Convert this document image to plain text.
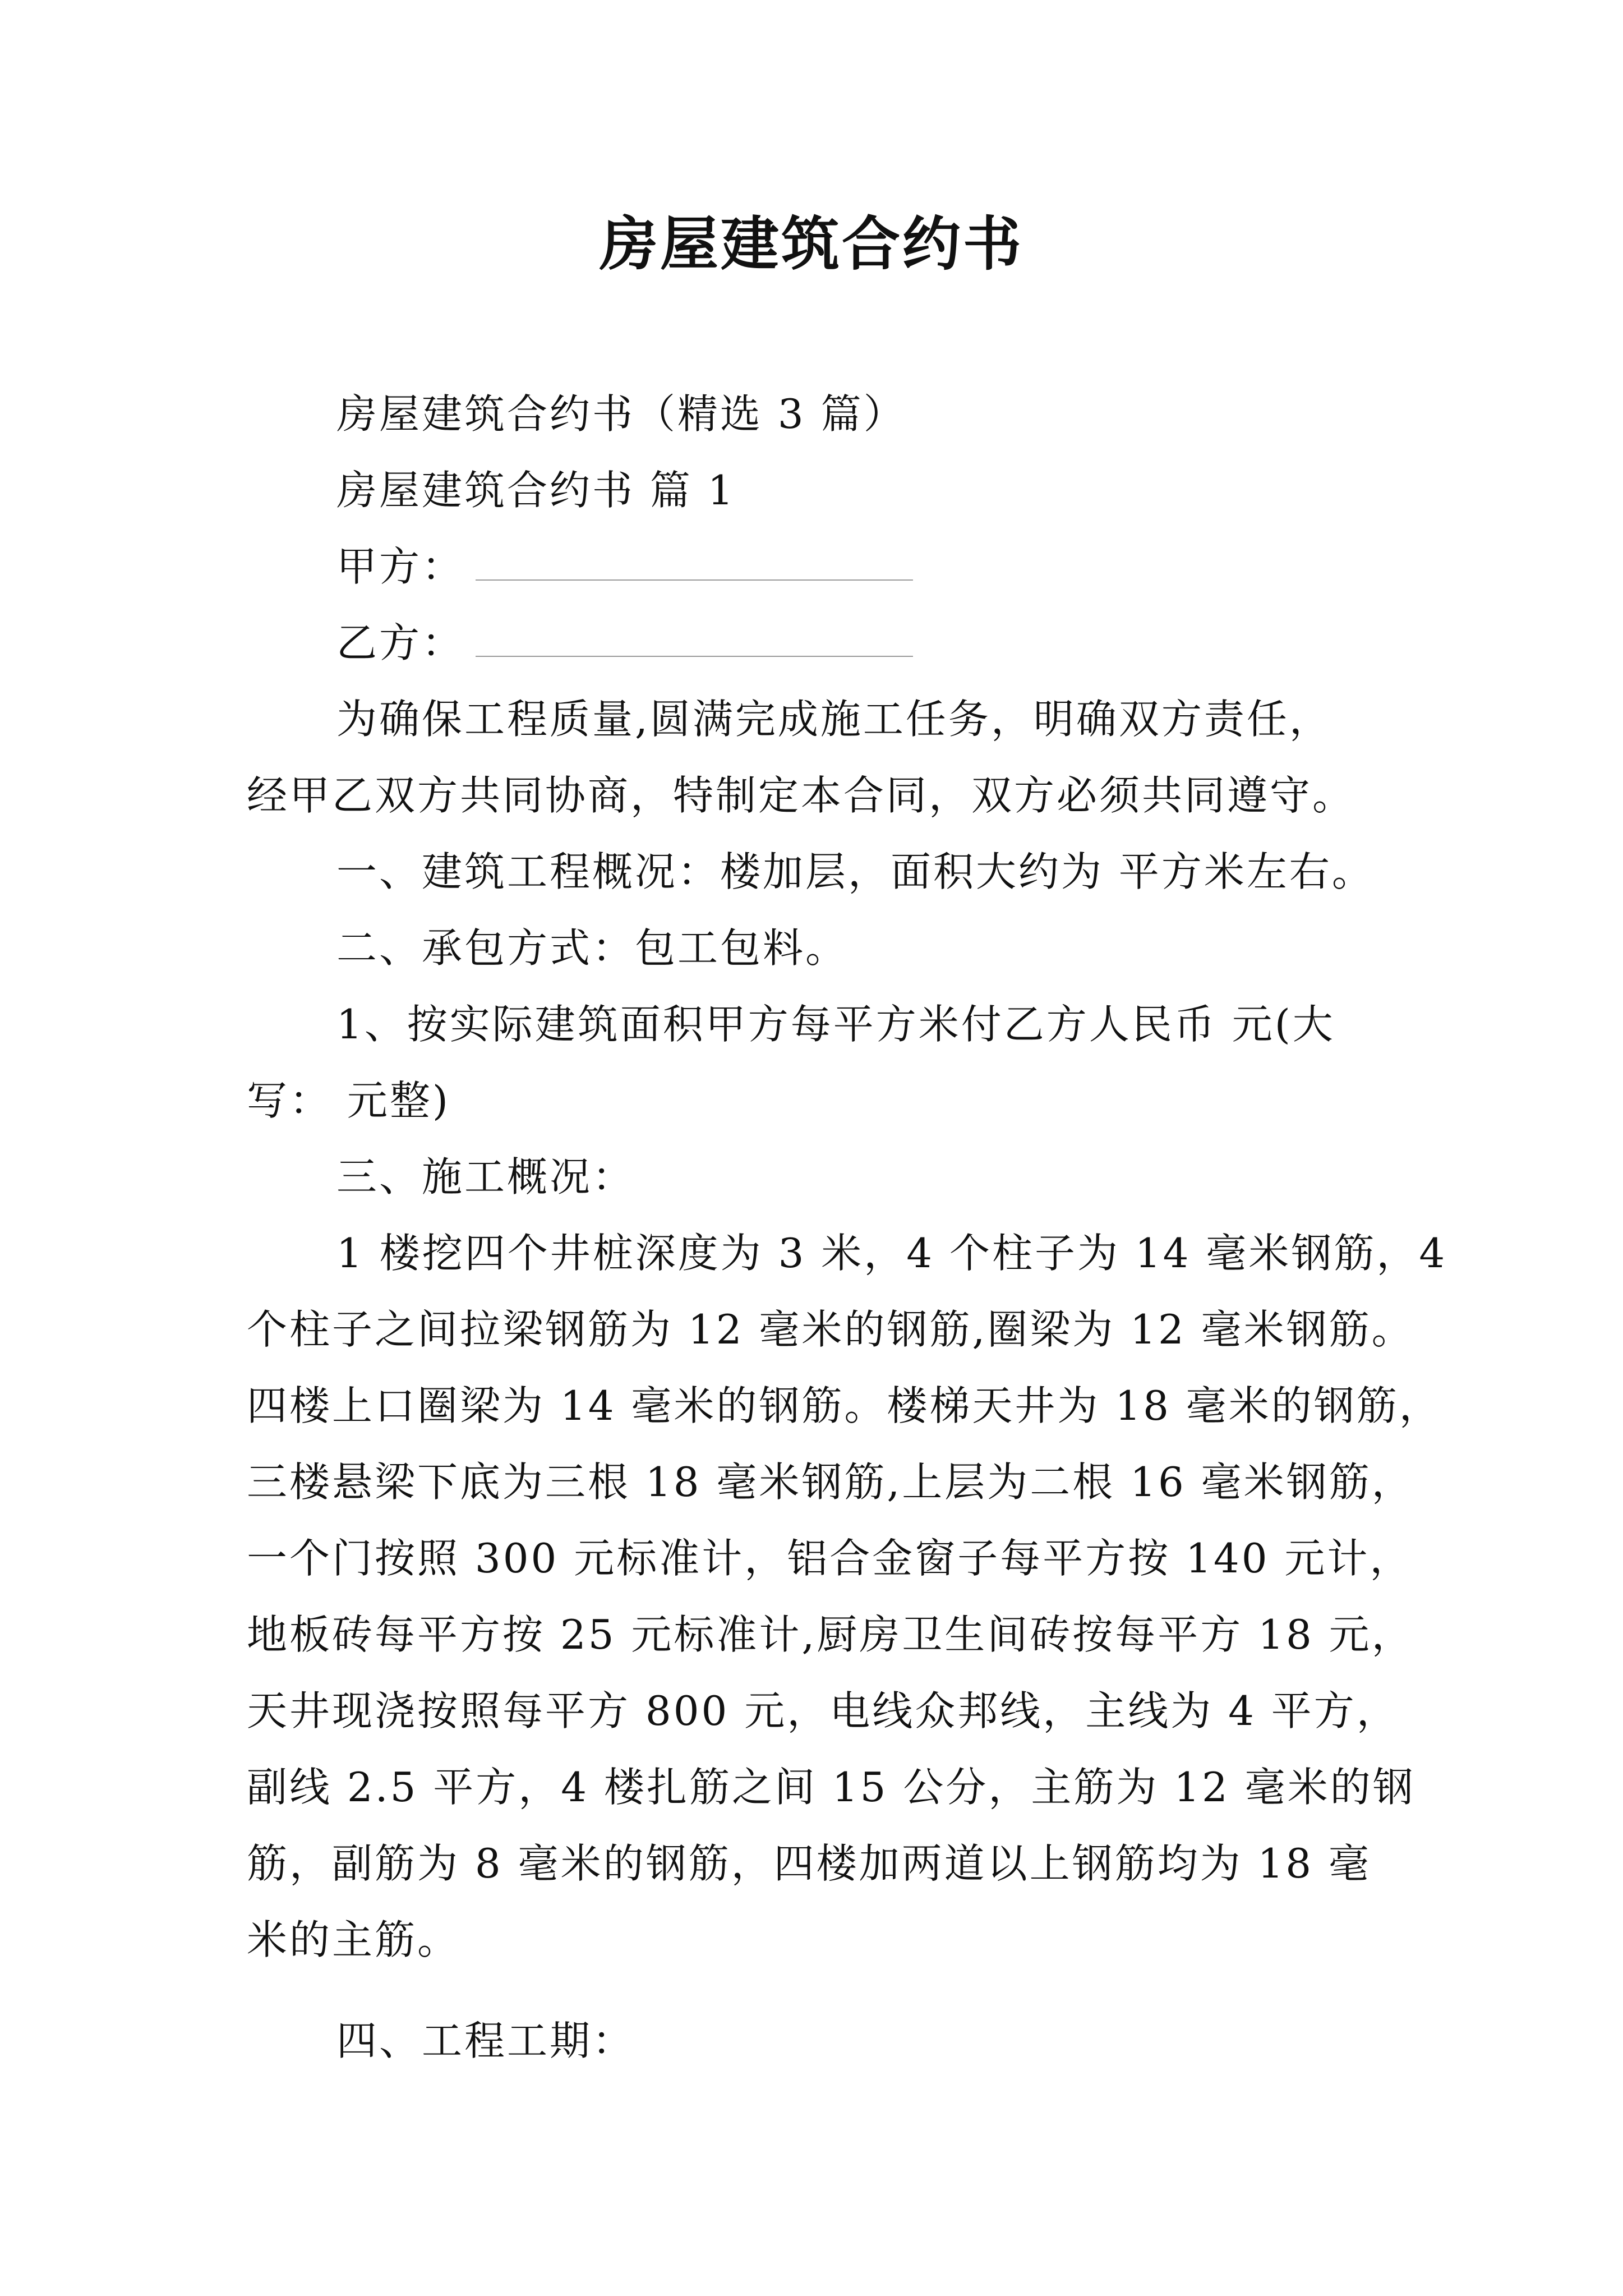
房屋建筑合约书
房屋建筑合约书（精选 3 篇）
房屋建筑合约书 篇 1
甲方：
乙方：
为确保工程质量,圆满完成施工任务，明确双方责任，
经甲乙双方共同协商，特制定本合同，双方必须共同遵守。
一、建筑工程概况：楼加层，面积大约为 平方米左右。
二、承包方式：包工包料。
1、按实际建筑面积甲方每平方米付乙方人民币 元(大
写： 元整)
三、施工概况：
1 楼挖四个井桩深度为 3 米，4 个柱子为 14 毫米钢筋，4
个柱子之间拉梁钢筋为 12 毫米的钢筋,圈梁为 12 毫米钢筋。
四楼上口圈梁为 14 毫米的钢筋。楼梯天井为 18 毫米的钢筋，
三楼悬梁下底为三根 18 毫米钢筋,上层为二根 16 毫米钢筋，
一个门按照 300 元标准计，铝合金窗子每平方按 140 元计，
地板砖每平方按 25 元标准计,厨房卫生间砖按每平方 18 元，
天井现浇按照每平方 800 元，电线众邦线，主线为 4 平方，
副线 2.5 平方，4 楼扎筋之间 15 公分，主筋为 12 毫米的钢
筋，副筋为 8 毫米的钢筋，四楼加两道以上钢筋均为 18 毫
米的主筋。
四、工程工期：
